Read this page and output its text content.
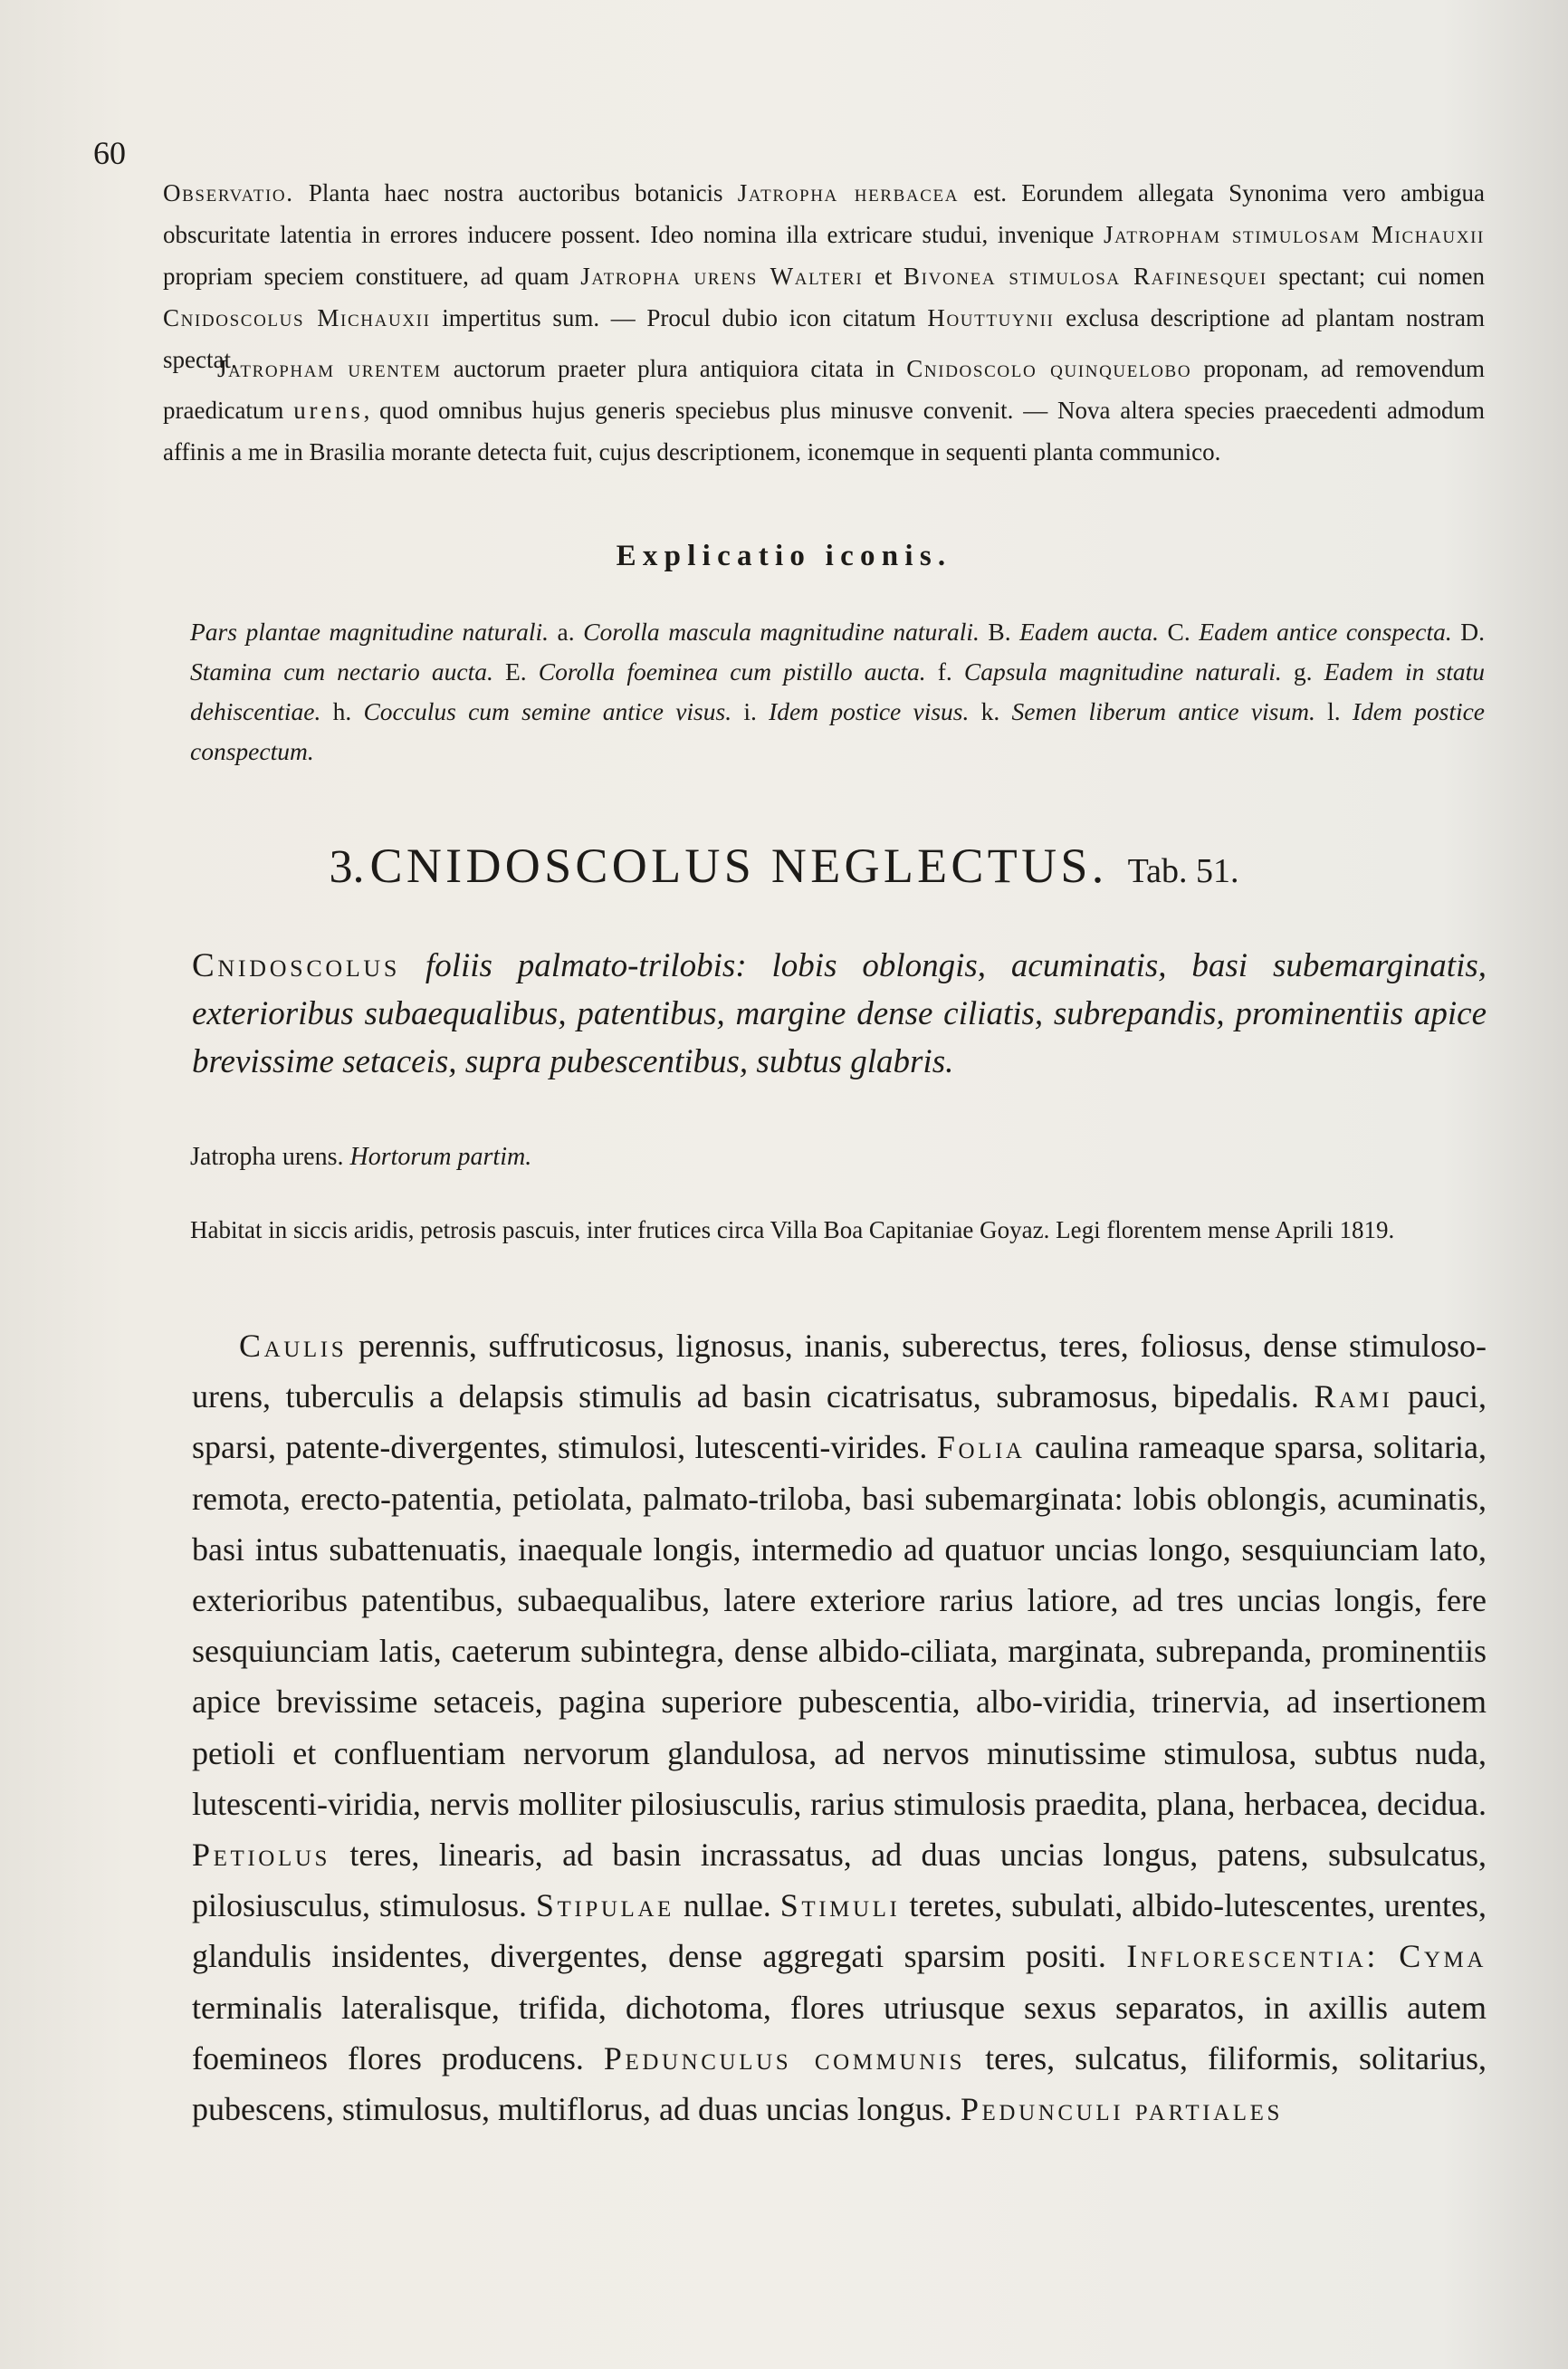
60

Observatio. Planta haec nostra auctoribus botanicis Jatropha herbacea est. Eorundem allegata Synonima vero ambigua obscuritate latentia in errores inducere possent. Ideo nomina illa extricare studui, invenique Jatropham stimulosam Michauxii propriam speciem constituere, ad quam Jatropha urens Walteri et Bivonea stimulosa Rafinesquei spectant; cui nomen Cnidoscolus Michauxii impertitus sum. — Procul dubio icon citatum Houttuynii exclusa descriptione ad plantam nostram spectat.

Jatropham urentem auctorum praeter plura antiquiora citata in Cnidoscolo quinquelobo proponam, ad removendum praedicatum urens, quod omnibus hujus generis speciebus plus minusve convenit. — Nova altera species praecedenti admodum affinis a me in Brasilia morante detecta fuit, cujus descriptionem, iconemque in sequenti planta communico.

Explicatio iconis.

Pars plantae magnitudine naturali. a. Corolla mascula magnitudine naturali. B. Eadem aucta. C. Eadem antice conspecta. D. Stamina cum nectario aucta. E. Corolla foeminea cum pistillo aucta. f. Capsula magnitudine naturali. g. Eadem in statu dehiscentiae. h. Cocculus cum semine antice visus. i. Idem postice visus. k. Semen liberum antice visum. l. Idem postice conspectum.

3. CNIDOSCOLUS NEGLECTUS. Tab. 51.

Cnidoscolus foliis palmato-trilobis: lobis oblongis, acuminatis, basi subemarginatis, exterioribus subaequalibus, patentibus, margine dense ciliatis, subrepandis, prominentiis apice brevissime setaceis, supra pubescentibus, subtus glabris.

Jatropha urens. Hortorum partim.

Habitat in siccis aridis, petrosis pascuis, inter frutices circa Villa Boa Capitaniae Goyaz. Legi florentem mense Aprili 1819.

Caulis perennis, suffruticosus, lignosus, inanis, suberectus, teres, foliosus, dense stimuloso-urens, tuberculis a delapsis stimulis ad basin cicatrisatus, subramosus, bipedalis. Rami pauci, sparsi, patente-divergentes, stimulosi, lutescenti-virides. Folia caulina rameaque sparsa, solitaria, remota, erecto-patentia, petiolata, palmato-triloba, basi subemarginata: lobis oblongis, acuminatis, basi intus subattenuatis, inaequale longis, intermedio ad quatuor uncias longo, sesquiunciam lato, exterioribus patentibus, subaequalibus, latere exteriore rarius latiore, ad tres uncias longis, fere sesquiunciam latis, caeterum subintegra, dense albido-ciliata, marginata, subrepanda, prominentiis apice brevissime setaceis, pagina superiore pubescentia, albo-viridia, trinervia, ad insertionem petioli et confluentiam nervorum glandulosa, ad nervos minutissime stimulosa, subtus nuda, lutescenti-viridia, nervis molliter pilosiusculis, rarius stimulosis praedita, plana, herbacea, decidua. Petiolus teres, linearis, ad basin incrassatus, ad duas uncias longus, patens, subsulcatus, pilosiusculus, stimulosus. Stipulae nullae. Stimuli teretes, subulati, albido-lutescentes, urentes, glandulis insidentes, divergentes, dense aggregati sparsim positi. Inflorescentia: Cyma terminalis lateralisque, trifida, dichotoma, flores utriusque sexus separatos, in axillis autem foemineos flores producens. Pedunculus communis teres, sulcatus, filiformis, solitarius, pubescens, stimulosus, multiflorus, ad duas uncias longus. Pedunculi partiales
